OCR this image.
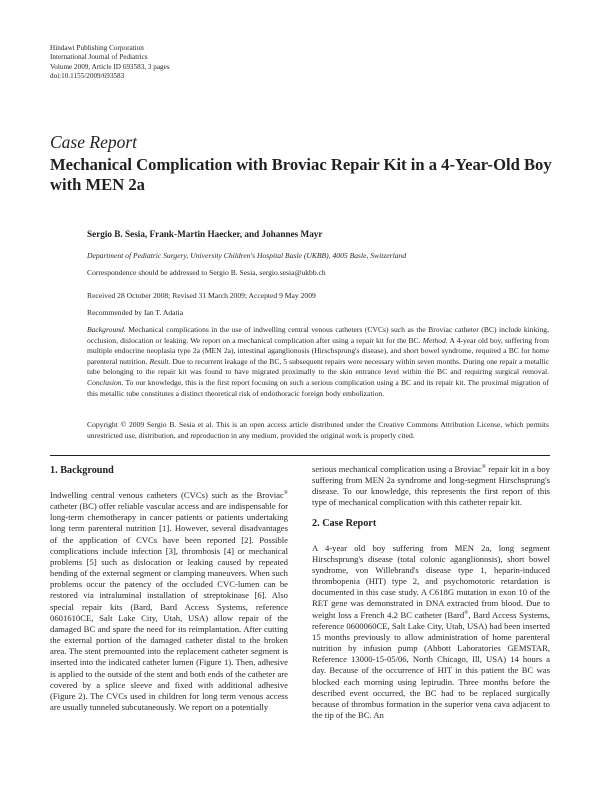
Hindawi Publishing Corporation
International Journal of Pediatrics
Volume 2009, Article ID 693583, 3 pages
doi:10.1155/2009/693583
Case Report
Mechanical Complication with Broviac Repair Kit in a 4-Year-Old Boy with MEN 2a
Sergio B. Sesia, Frank-Martin Haecker, and Johannes Mayr
Department of Pediatric Surgery, University Children's Hospital Basle (UKBB), 4005 Basle, Switzerland
Correspondence should be addressed to Sergio B. Sesia, sergio.sesia@ukbb.ch
Received 28 October 2008; Revised 31 March 2009; Accepted 9 May 2009
Recommended by Ian T. Adatia
Background. Mechanical complications in the use of indwelling central venous catheters (CVCs) such as the Broviac catheter (BC) include kinking, occlusion, dislocation or leaking. We report on a mechanical complication after using a repair kit for the BC. Method. A 4-year old boy, suffering from multiple endocrine neoplasia type 2a (MEN 2a), intestinal aganglionosis (Hirschsprung's disease), and short bowel syndrome, required a BC for home parenteral nutrition. Result. Due to recurrent leakage of the BC, 5 subsequent repairs were necessary within seven months. During one repair a metallic tube belonging to the repair kit was found to have migrated proximally to the skin entrance level within the BC and requiring surgical removal. Conclusion. To our knowledge, this is the first report focusing on such a serious complication using a BC and its repair kit. The proximal migration of this metallic tube constitutes a distinct theoretical risk of endothoracic foreign body embolization.
Copyright © 2009 Sergio B. Sesia et al. This is an open access article distributed under the Creative Commons Attribution License, which permits unrestricted use, distribution, and reproduction in any medium, provided the original work is properly cited.
1. Background

Indwelling central venous catheters (CVCs) such as the Broviac® catheter (BC) offer reliable vascular access and are indispensable for long-term chemotherapy in cancer patients or patients undertaking long term parenteral nutrition [1]. However, several disadvantages of the application of CVCs have been reported [2]. Possible complications include infection [3], thrombosis [4] or mechanical problems [5] such as dislocation or leaking caused by repeated bending of the external segment or clamping maneuvers. When such problems occur the patency of the occluded CVC-lumen can be restored via intraluminal installation of streptokinase [6]. Also special repair kits (Bard, Bard Access Systems, reference 0601610CE, Salt Lake City, Utah, USA) allow repair of the damaged BC and spare the need for its reimplantation. After cutting the external portion of the damaged catheter distal to the broken area. The stent premounted into the replacement catheter segment is inserted into the indicated catheter lumen (Figure 1). Then, adhesive is applied to the outside of the stent and both ends of the catheter are covered by a splice sleeve and fixed with additional adhesive (Figure 2). The CVCs used in children for long term venous access are usually tunneled subcutaneously. We report on a potentially

serious mechanical complication using a Broviac® repair kit in a boy suffering from MEN 2a syndrome and long-segment Hirschsprung's disease. To our knowledge, this represents the first report of this type of mechanical complication with this catheter repair kit.

2. Case Report

A 4-year old boy suffering from MEN 2a, long segment Hirschsprung's disease (total colonic aganglionosis), short bowel syndrome, von Willebrand's disease type 1, heparin-induced thrombopenia (HIT) type 2, and psychomotoric retardation is documented in this case study. A C618G mutation in exon 10 of the RET gene was demonstrated in DNA extracted from blood. Due to weight loss a French 4.2 BC catheter (Bard®, Bard Access Systems, reference 0600060CE, Salt Lake City, Utah, USA) had been inserted 15 months previously to allow administration of home parenteral nutrition by infusion pump (Abbott Laboratories GEMSTAR, Reference 13000-15-05/06, North Chicago, Ill, USA) 14 hours a day. Because of the occurrence of HIT in this patient the BC was blocked each morning using lepirudin. Three months before the described event occurred, the BC had to be replaced surgically because of thrombus formation in the superior vena cava adjacent to the tip of the BC. An
